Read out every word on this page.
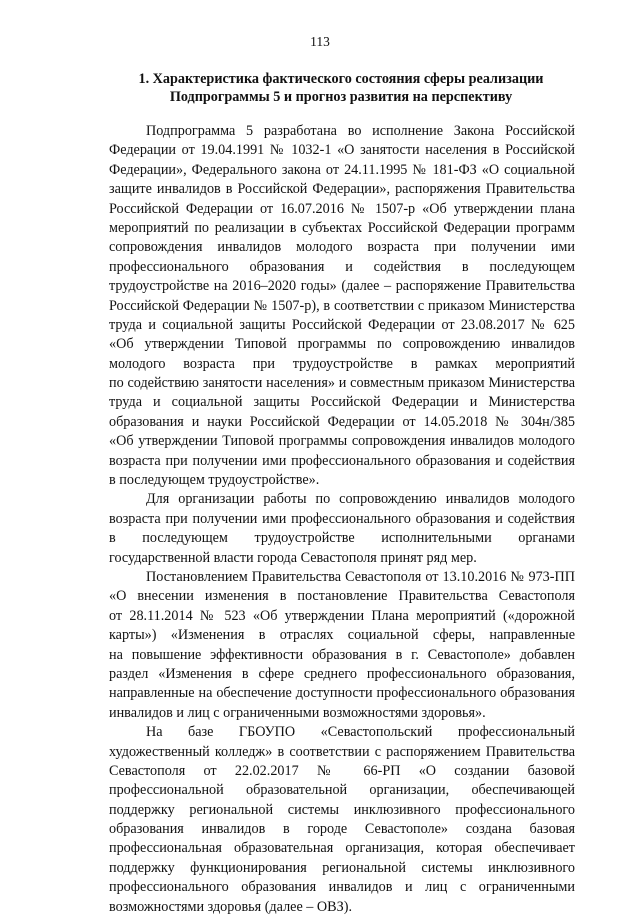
113
1. Характеристика фактического состояния сферы реализации
Подпрограммы 5 и прогноз развития на перспективу
Подпрограмма 5 разработана во исполнение Закона Российской
Федерации от 19.04.1991 № 1032-1 «О занятости населения в Российской
Федерации», Федерального закона от 24.11.1995 № 181-ФЗ «О социальной
защите инвалидов в Российской Федерации», распоряжения Правительства
Российской Федерации от 16.07.2016 № 1507-р «Об утверждении плана
мероприятий по реализации в субъектах Российской Федерации программ
сопровождения инвалидов молодого возраста при получении ими
профессионального образования и содействия в последующем
трудоустройстве на 2016–2020 годы» (далее – распоряжение Правительства
Российской Федерации № 1507-р), в соответствии с приказом Министерства
труда и социальной защиты Российской Федерации от 23.08.2017 № 625
«Об утверждении Типовой программы по сопровождению инвалидов
молодого возраста при трудоустройстве в рамках мероприятий
по содействию занятости населения» и совместным приказом Министерства
труда и социальной защиты Российской Федерации и Министерства
образования и науки Российской Федерации от 14.05.2018 № 304н/385
«Об утверждении Типовой программы сопровождения инвалидов молодого
возраста при получении ими профессионального образования и содействия
в последующем трудоустройстве».
Для организации работы по сопровождению инвалидов молодого
возраста при получении ими профессионального образования и содействия
в последующем трудоустройстве исполнительными органами
государственной власти города Севастополя принят ряд мер.
Постановлением Правительства Севастополя от 13.10.2016 № 973-ПП
«О внесении изменения в постановление Правительства Севастополя
от 28.11.2014 № 523 «Об утверждении Плана мероприятий («дорожной
карты») «Изменения в отраслях социальной сферы, направленные
на повышение эффективности образования в г. Севастополе» добавлен
раздел «Изменения в сфере среднего профессионального образования,
направленные на обеспечение доступности профессионального образования
инвалидов и лиц с ограниченными возможностями здоровья».
На базе ГБОУПО «Севастопольский профессиональный
художественный колледж» в соответствии с распоряжением Правительства
Севастополя от 22.02.2017 № 66-РП «О создании базовой
профессиональной образовательной организации, обеспечивающей
поддержку региональной системы инклюзивного профессионального
образования инвалидов в городе Севастополе» создана базовая
профессиональная образовательная организация, которая обеспечивает
поддержку функционирования региональной системы инклюзивного
профессионального образования инвалидов и лиц с ограниченными
возможностями здоровья (далее – ОВЗ).
